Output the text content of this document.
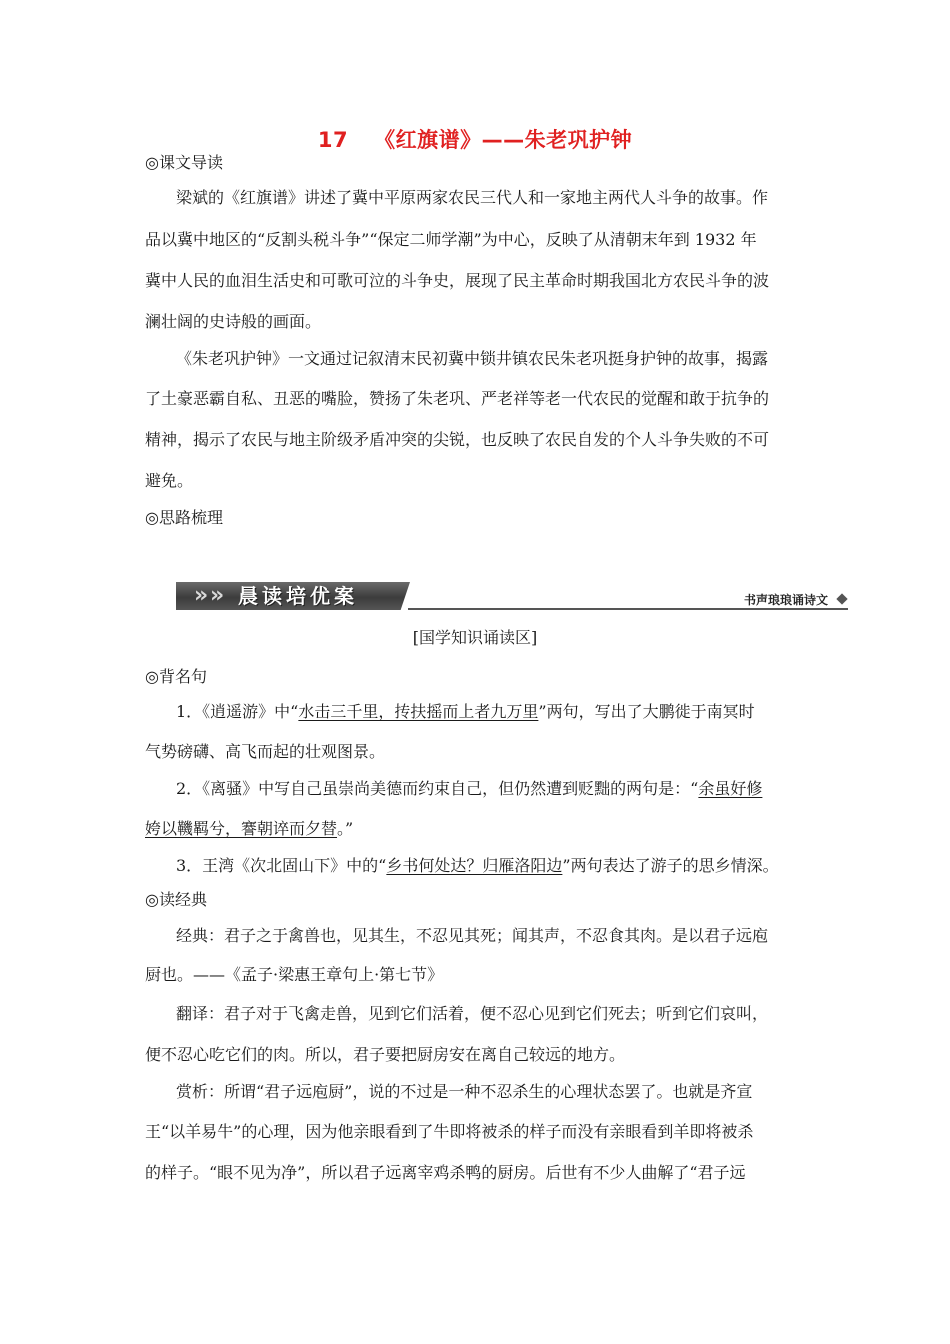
17 《红旗谱》——朱老巩护钟
◎课文导读
梁斌的《红旗谱》讲述了冀中平原两家农民三代人和一家地主两代人斗争的故事。作
品以冀中地区的“反割头税斗争”“保定二师学潮”为中心，反映了从清朝末年到 1932 年
冀中人民的血泪生活史和可歌可泣的斗争史，展现了民主革命时期我国北方农民斗争的波
澜壮阔的史诗般的画面。
《朱老巩护钟》一文通过记叙清末民初冀中锁井镇农民朱老巩挺身护钟的故事，揭露
了土豪恶霸自私、丑恶的嘴脸，赞扬了朱老巩、严老祥等老一代农民的觉醒和敢于抗争的
精神，揭示了农民与地主阶级矛盾冲突的尖锐，也反映了农民自发的个人斗争失败的不可
避免。
◎思路梳理
» » 晨读培优案	书声琅琅诵诗文
[国学知识诵读区]
◎背名句
1．《逍遥游》中“水击三千里，抟扶摇而上者九万里”两句，写出了大鹏徙于南冥时
气势磅礴、高飞而起的壮观图景。
2．《离骚》中写自己虽崇尚美德而约束自己，但仍然遭到贬黜的两句是：“余虽好修
姱以鞿羁兮，謇朝谇而夕替。”
3．王湾《次北固山下》中的“乡书何处达？归雁洛阳边”两句表达了游子的思乡情深。
◎读经典
经典：君子之于禽兽也，见其生，不忍见其死；闻其声，不忍食其肉。是以君子远庖
厨也。——《孟子·梁惠王章句上·第七节》
翻译：君子对于飞禽走兽，见到它们活着，便不忍心见到它们死去；听到它们哀叫，
便不忍心吃它们的肉。所以，君子要把厨房安在离自己较远的地方。
赏析：所谓“君子远庖厨”，说的不过是一种不忍杀生的心理状态罢了。也就是齐宣
王“以羊易牛”的心理，因为他亲眼看到了牛即将被杀的样子而没有亲眼看到羊即将被杀
的样子。“眼不见为净”，所以君子远离宰鸡杀鸭的厨房。后世有不少人曲解了“君子远
